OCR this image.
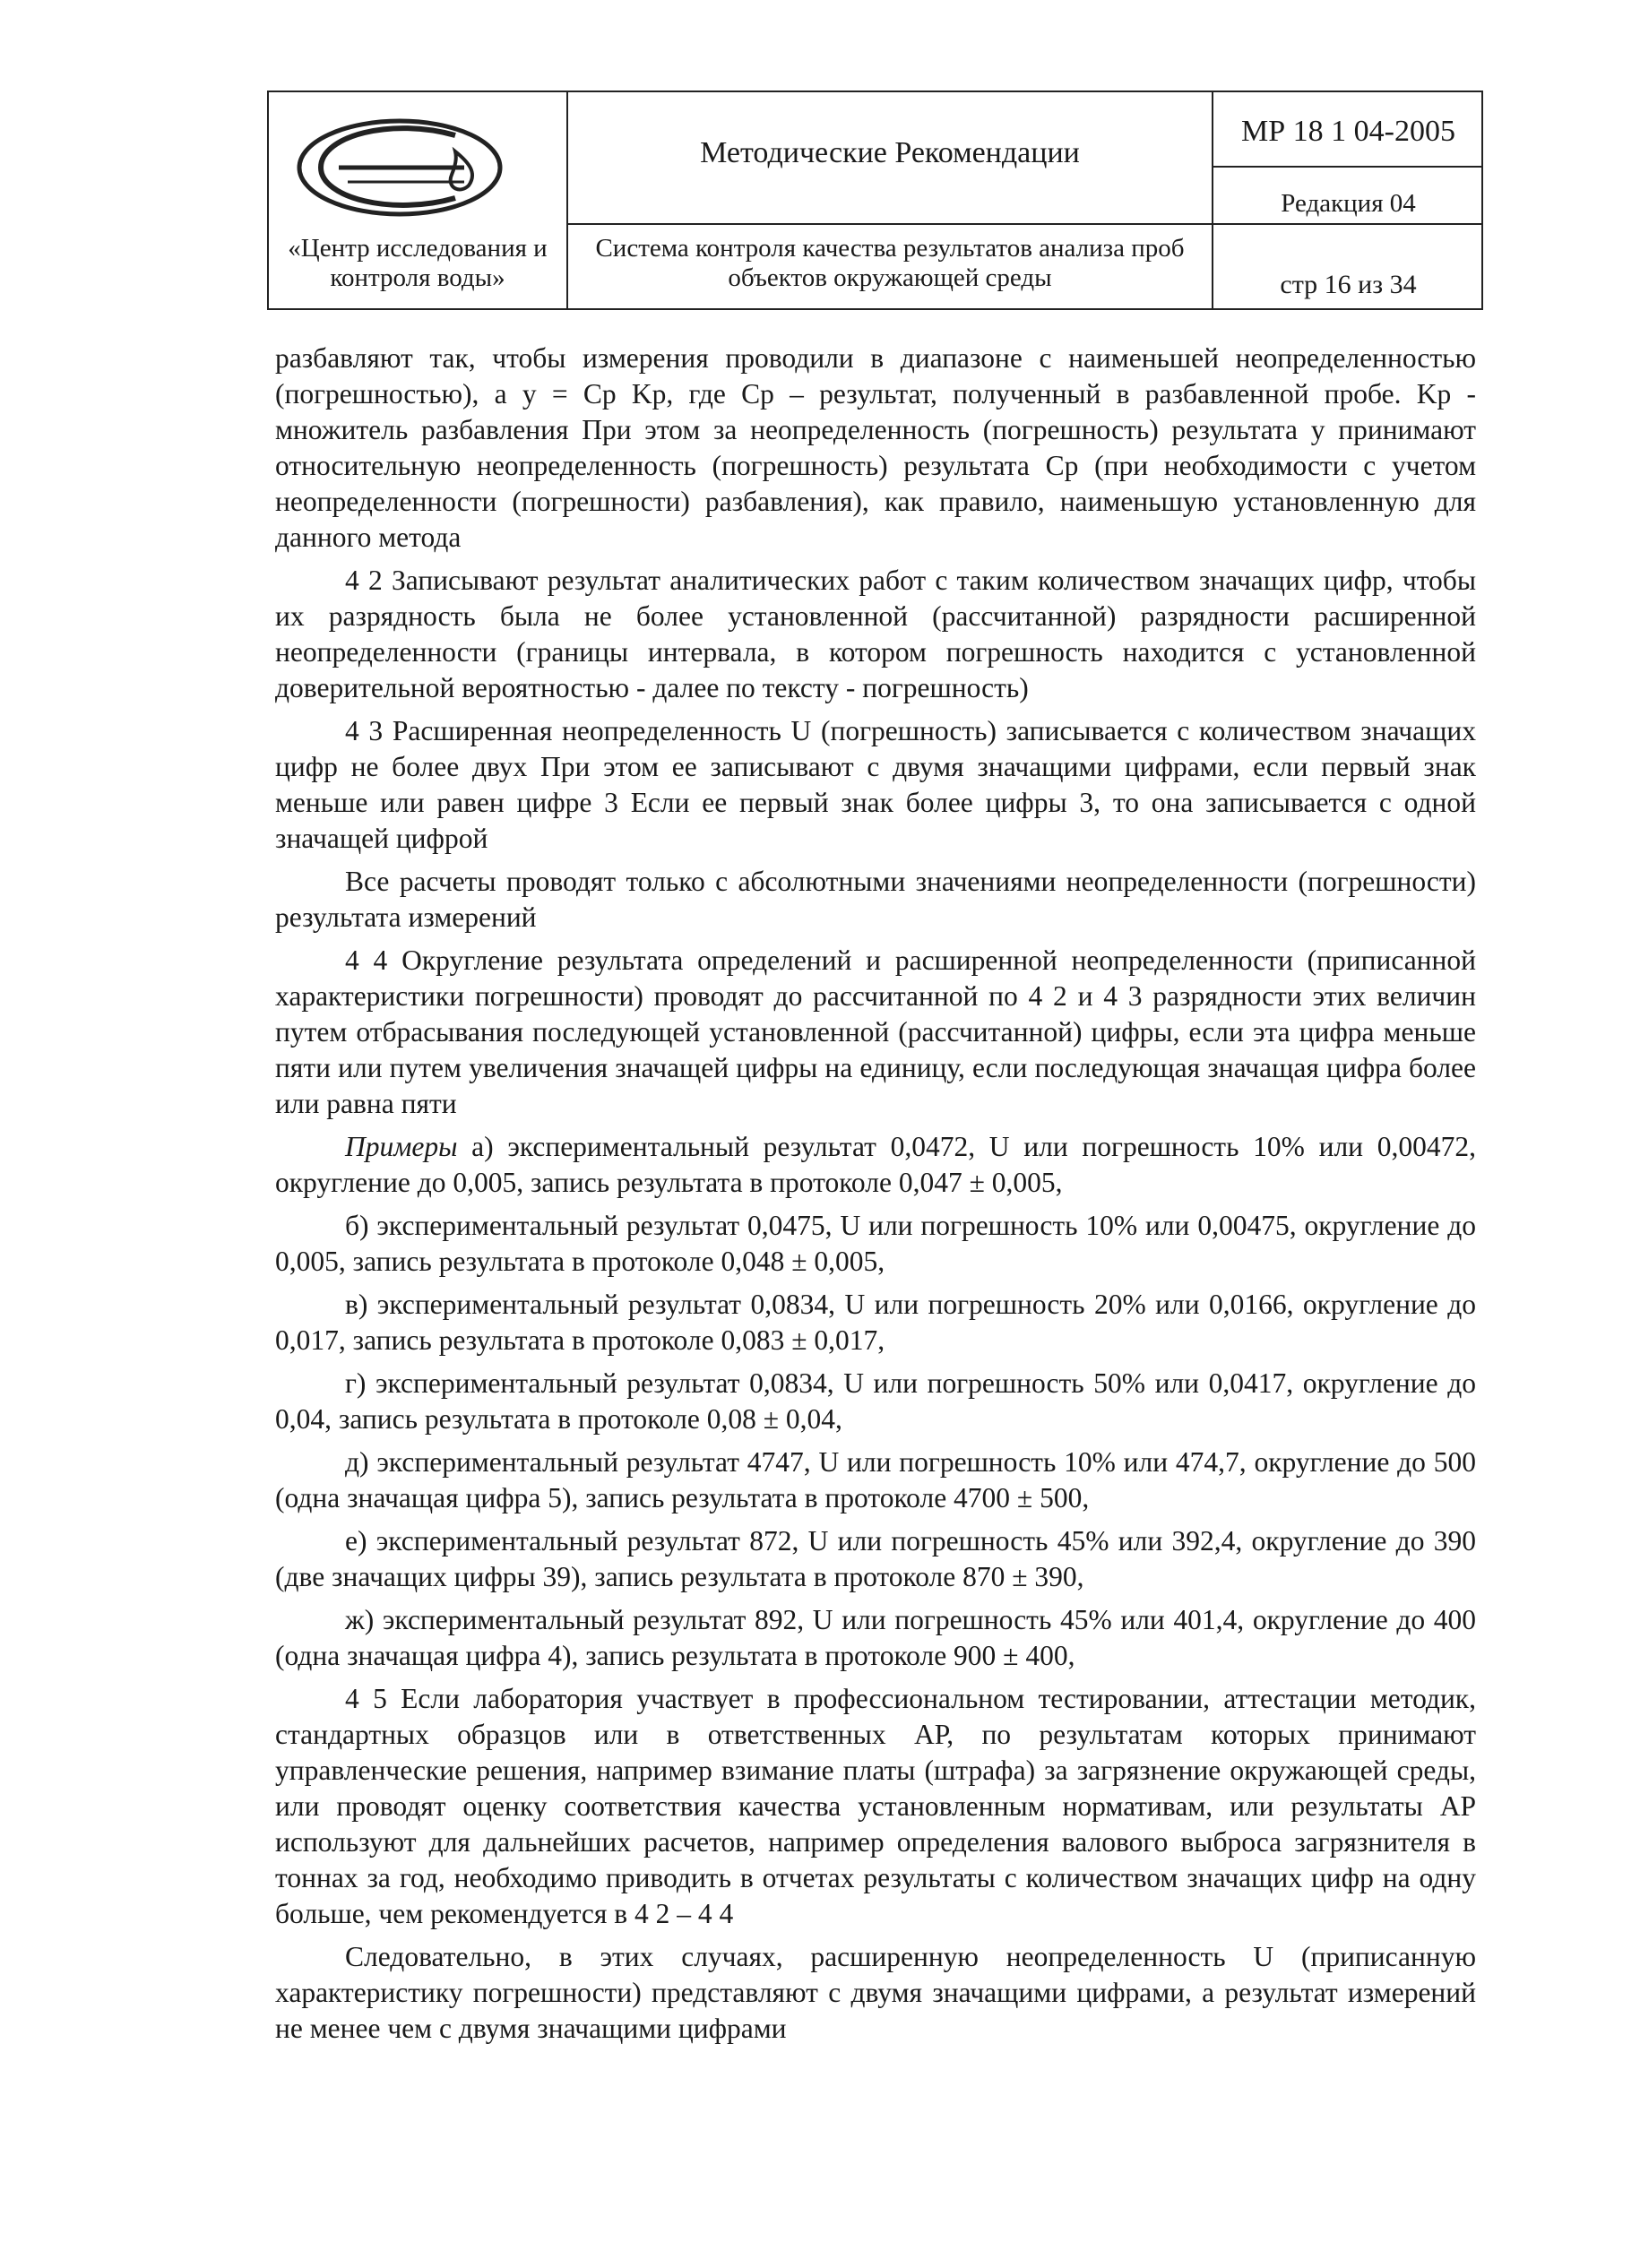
«Центр исследования и контроля воды»
Методические Рекомендации
Система контроля качества результатов анализа проб объектов окружающей среды
МР 18 1 04-2005
Редакция 04
стр 16 из 34

разбавляют так, чтобы измерения проводили в диапазоне с наименьшей неопределенностью (погрешностью), а y = Cp Kp, где Cp – результат, полученный в разбавленной пробе. Kp - множитель разбавления При этом за неопределенность (погрешность) результата y принимают относительную неопределенность (погрешность) результата Cp (при необходимости с учетом неопределенности (погрешности) разбавления), как правило, наименьшую установленную для данного метода

4 2 Записывают результат аналитических работ с таким количеством значащих цифр, чтобы их разрядность была не более установленной (рассчитанной) разрядности расширенной неопределенности (границы интервала, в котором погрешность находится с установленной доверительной вероятностью - далее по тексту - погрешность)

4 3 Расширенная неопределенность U (погрешность) записывается с количеством значащих цифр не более двух При этом ее записывают с двумя значащими цифрами, если первый знак меньше или равен цифре 3 Если ее первый знак более цифры 3, то она записывается с одной значащей цифрой

Все расчеты проводят только с абсолютными значениями неопределенности (погрешности) результата измерений

4 4 Округление результата определений и расширенной неопределенности (приписанной характеристики погрешности) проводят до рассчитанной по 4 2 и 4 3 разрядности этих величин путем отбрасывания последующей установленной (рассчитанной) цифры, если эта цифра меньше пяти или путем увеличения значащей цифры на единицу, если последующая значащая цифра более или равна пяти

Примеры а) экспериментальный результат 0,0472, U или погрешность 10% или 0,00472, округление до 0,005, запись результата в протоколе 0,047 ± 0,005,

б) экспериментальный результат 0,0475, U или погрешность 10% или 0,00475, округление до 0,005, запись результата в протоколе 0,048 ± 0,005,

в) экспериментальный результат 0,0834, U или погрешность 20% или 0,0166, округление до 0,017, запись результата в протоколе 0,083 ± 0,017,

г) экспериментальный результат 0,0834, U или погрешность 50% или 0,0417, округление до 0,04, запись результата в протоколе 0,08 ± 0,04,

д) экспериментальный результат 4747, U или погрешность 10% или 474,7, округление до 500 (одна значащая цифра 5), запись результата в протоколе 4700 ± 500,

е) экспериментальный результат 872, U или погрешность 45% или 392,4, округление до 390 (две значащих цифры 39), запись результата в протоколе 870 ± 390,

ж) экспериментальный результат 892, U или погрешность 45% или 401,4, округление до 400 (одна значащая цифра 4), запись результата в протоколе 900 ± 400,

4 5 Если лаборатория участвует в профессиональном тестировании, аттестации методик, стандартных образцов или в ответственных АР, по результатам которых принимают управленческие решения, например взимание платы (штрафа) за загрязнение окружающей среды, или проводят оценку соответствия качества установленным нормативам, или результаты АР используют для дальнейших расчетов, например определения валового выброса загрязнителя в тоннах за год, необходимо приводить в отчетах результаты с количеством значащих цифр на одну больше, чем рекомендуется в 4 2 – 4 4

Следовательно, в этих случаях, расширенную неопределенность U (приписанную характеристику погрешности) представляют с двумя значащими цифрами, а результат измерений не менее чем с двумя значащими цифрами
